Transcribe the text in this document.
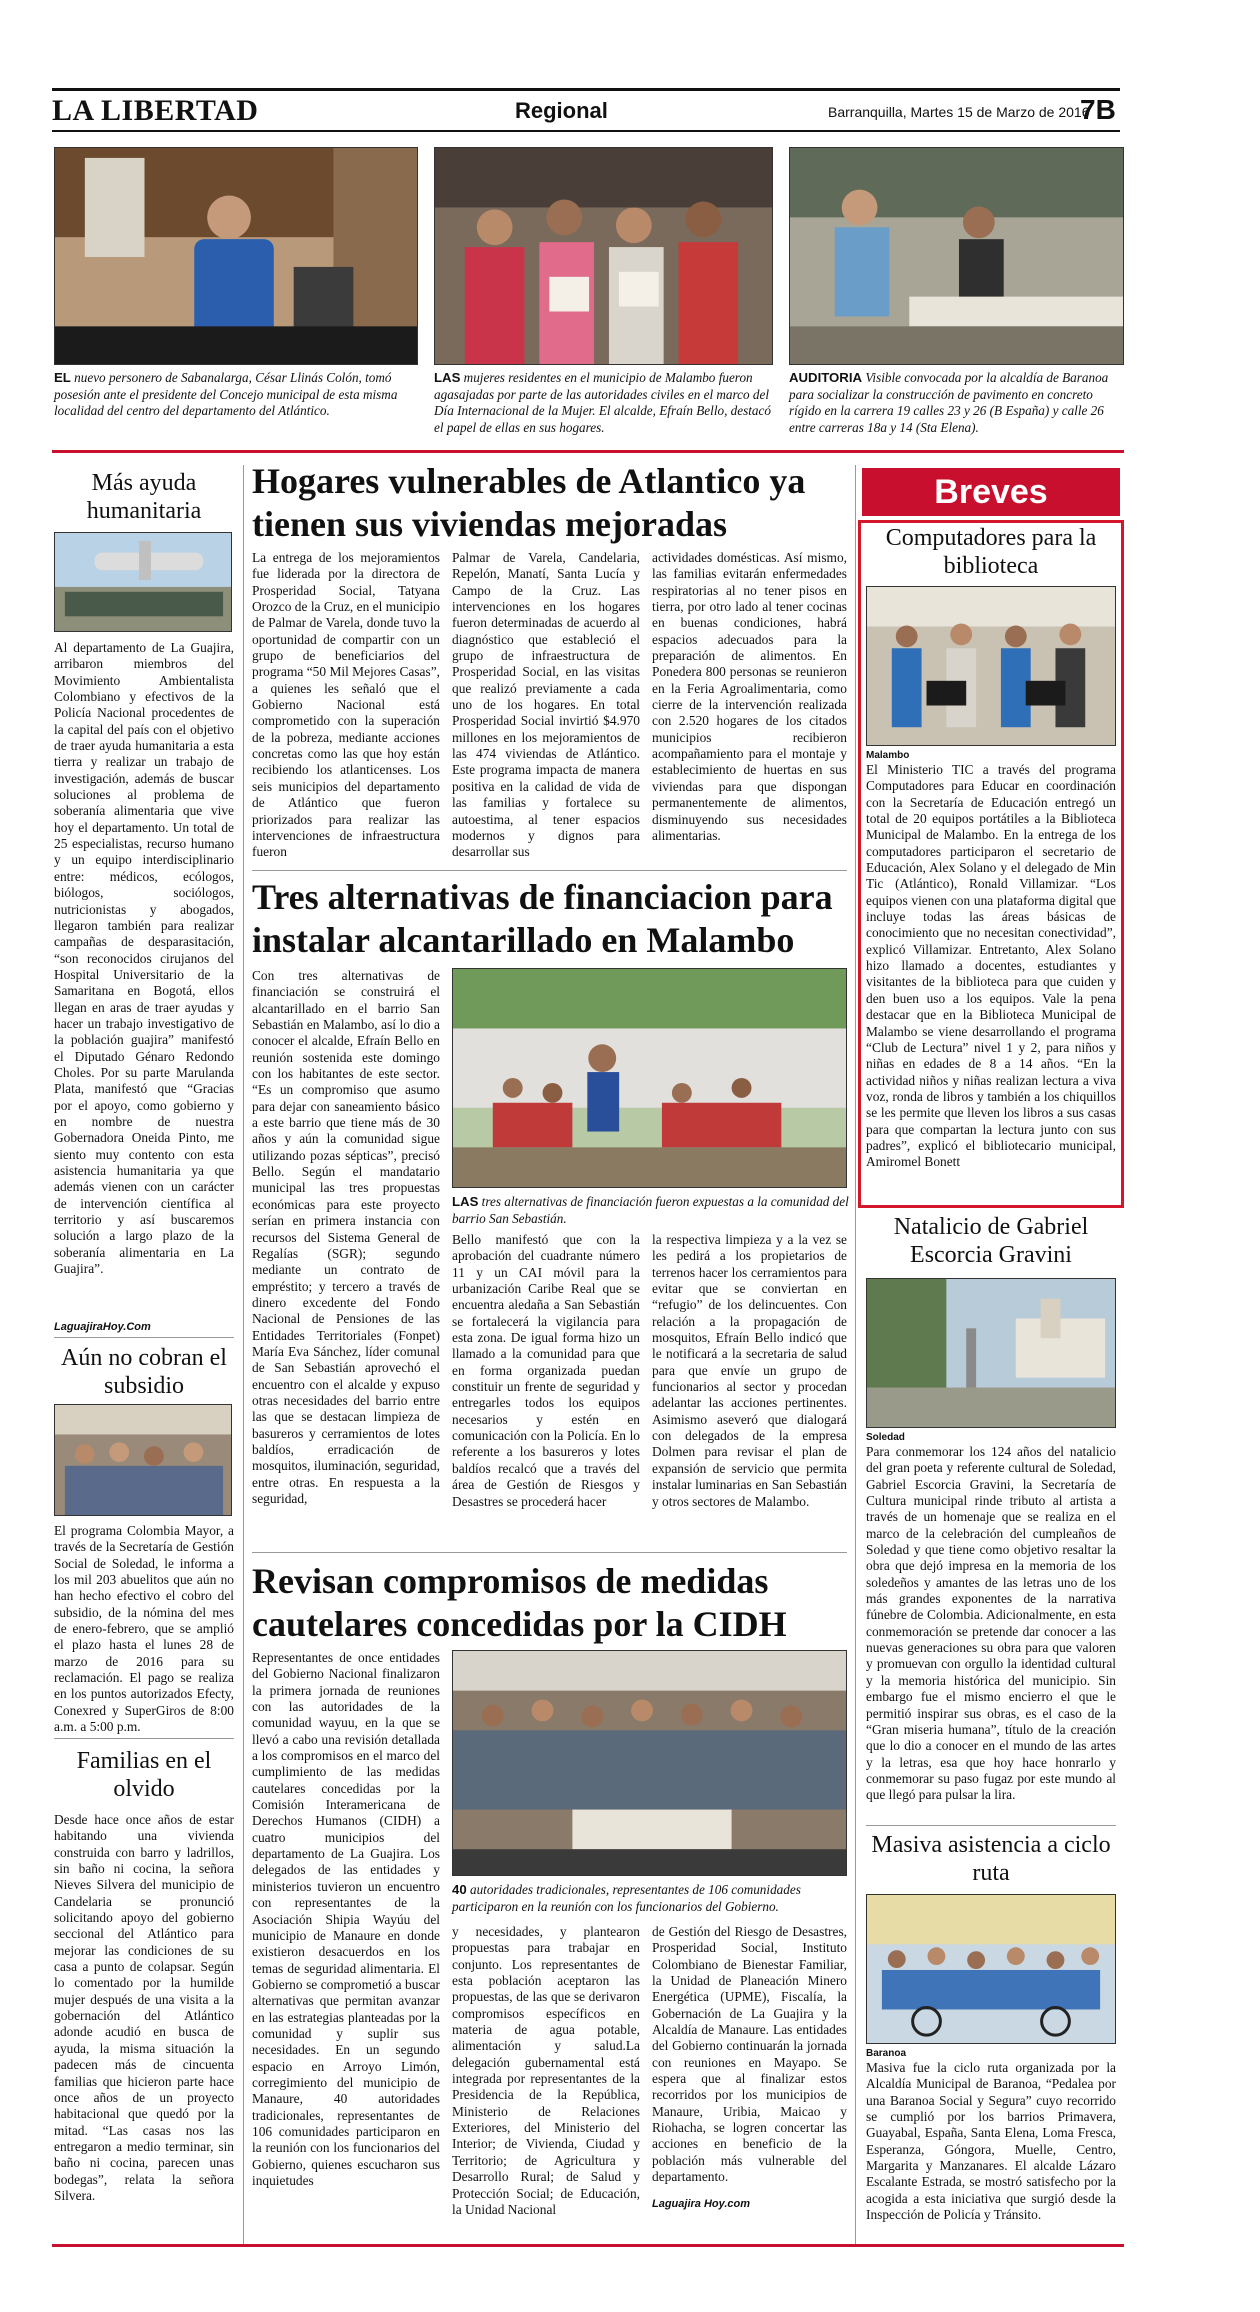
LA LIBERTAD	Regional	Barranquilla, Martes 15 de Marzo de 2016
7B
EL nuevo personero de Sabanalarga, César Llinás Colón, tomó posesión ante el presidente del Concejo municipal de esta misma localidad del centro del departamento del Atlántico.
LAS mujeres residentes en el municipio de Malambo fueron agasajadas por parte de las autoridades civiles en el marco del Día Internacional de la Mujer. El alcalde, Efraín Bello, destacó el papel de ellas en sus hogares.
AUDITORIA Visible convocada por la alcaldía de Baranoa para socializar la construcción de pavimento en concreto rígido en la carrera 19 calles 23 y 26 (B España) y calle 26 entre carreras 18a y 14 (Sta Elena).
Más ayuda humanitaria
Al departamento de La Guajira, arribaron miembros del Movimiento Ambientalista Colombiano y efectivos de la Policía Nacional procedentes de la capital del país con el objetivo de traer ayuda humanitaria a esta tierra y realizar un trabajo de investigación, además de buscar soluciones al problema de soberanía alimentaria que vive hoy el departamento. Un total de 25 especialistas, recurso humano y un equipo interdisciplinario entre: médicos, ecólogos, biólogos, sociólogos, nutricionistas y abogados, llegaron también para realizar campañas de desparasitación, “son reconocidos cirujanos del Hospital Universitario de la Samaritana en Bogotá, ellos llegan en aras de traer ayudas y hacer un trabajo investigativo de la población guajira” manifestó el Diputado Génaro Redondo Choles. Por su parte Marulanda Plata, manifestó que “Gracias por el apoyo, como gobierno y en nombre de nuestra Gobernadora Oneida Pinto, me siento muy contento con esta asistencia humanitaria ya que además vienen con un carácter de intervención científica al territorio y así buscaremos solución a largo plazo de la soberanía alimentaria en La Guajira”.
LaguajiraHoy.Com
Aún no cobran el subsidio
El programa Colombia Mayor, a través de la Secretaría de Gestión Social de Soledad, le informa a los mil 203 abuelitos que aún no han hecho efectivo el cobro del subsidio, de la nómina del mes de enero-febrero, que se amplió el plazo hasta el lunes 28 de marzo de 2016 para su reclamación. El pago se realiza en los puntos autorizados Efecty, Conexred y SuperGiros de 8:00 a.m. a 5:00 p.m.
Familias en el olvido
Desde hace once años de estar habitando una vivienda construida con barro y ladrillos, sin baño ni cocina, la señora Nieves Silvera del municipio de Candelaria se pronunció solicitando apoyo del gobierno seccional del Atlántico para mejorar las condiciones de su casa a punto de colapsar. Según lo comentado por la humilde mujer después de una visita a la gobernación del Atlántico adonde acudió en busca de ayuda, la misma situación la padecen más de cincuenta familias que hicieron parte hace once años de un proyecto habitacional que quedó por la mitad. “Las casas nos las entregaron a medio terminar, sin baño ni cocina, parecen unas bodegas”, relata la señora Silvera.
Hogares vulnerables de Atlantico ya tienen sus viviendas mejoradas
La entrega de los mejoramientos fue liderada por la directora de Prosperidad Social, Tatyana Orozco de la Cruz, en el municipio de Palmar de Varela, donde tuvo la oportunidad de compartir con un grupo de beneficiarios del programa “50 Mil Mejores Casas”, a quienes les señaló que el Gobierno Nacional está comprometido con la superación de la pobreza, mediante acciones concretas como las que hoy están recibiendo los atlanticenses. Los seis municipios del departamento de Atlántico que fueron priorizados para realizar las intervenciones de infraestructura fueron
Palmar de Varela, Candelaria, Repelón, Manatí, Santa Lucía y Campo de la Cruz. Las intervenciones en los hogares fueron determinadas de acuerdo al diagnóstico que estableció el grupo de infraestructura de Prosperidad Social, en las visitas que realizó previamente a cada uno de los hogares. En total Prosperidad Social invirtió $4.970 millones en los mejoramientos de las 474 viviendas de Atlántico. Este programa impacta de manera positiva en la calidad de vida de las familias y fortalece su autoestima, al tener espacios modernos y dignos para desarrollar sus
actividades domésticas. Así mismo, las familias evitarán enfermedades respiratorias al no tener pisos en tierra, por otro lado al tener cocinas en buenas condiciones, habrá espacios adecuados para la preparación de alimentos. En Ponedera 800 personas se reunieron en la Feria Agroalimentaria, como cierre de la intervención realizada con 2.520 hogares de los citados municipios recibieron acompañamiento para el montaje y establecimiento de huertas en sus viviendas para que dispongan permanentemente de alimentos, disminuyendo sus necesidades alimentarias.
Tres alternativas de financiacion para instalar alcantarillado en Malambo
Con tres alternativas de financiación se construirá el alcantarillado en el barrio San Sebastián en Malambo, así lo dio a conocer el alcalde, Efraín Bello en reunión sostenida este domingo con los habitantes de este sector. “Es un compromiso que asumo para dejar con saneamiento básico a este barrio que tiene más de 30 años y aún la comunidad sigue utilizando pozas sépticas”, precisó Bello. Según el mandatario municipal las tres propuestas económicas para este proyecto serían en primera instancia con recursos del Sistema General de Regalías (SGR); segundo mediante un contrato de empréstito; y tercero a través de dinero excedente del Fondo Nacional de Pensiones de las Entidades Territoriales (Fonpet) María Eva Sánchez, líder comunal de San Sebastián aprovechó el encuentro con el alcalde y expuso otras necesidades del barrio entre las que se destacan limpieza de basureros y cerramientos de lotes baldíos, erradicación de mosquitos, iluminación, seguridad, entre otras. En respuesta a la seguridad,
LAS tres alternativas de financiación fueron expuestas a la comunidad del barrio San Sebastián.
Bello manifestó que con la aprobación del cuadrante número 11 y un CAI móvil para la urbanización Caribe Real que se encuentra aledaña a San Sebastián se fortalecerá la vigilancia para esta zona. De igual forma hizo un llamado a la comunidad para que en forma organizada puedan constituir un frente de seguridad y entregarles todos los equipos necesarios y estén en comunicación con la Policía. En lo referente a los basureros y lotes baldíos recalcó que a través del área de Gestión de Riesgos y Desastres se procederá hacer
la respectiva limpieza y a la vez se les pedirá a los propietarios de terrenos hacer los cerramientos para evitar que se conviertan en “refugio” de los delincuentes. Con relación a la propagación de mosquitos, Efraín Bello indicó que le notificará a la secretaria de salud para que envíe un grupo de funcionarios al sector y procedan adelantar las acciones pertinentes. Asimismo aseveró que dialogará con delegados de la empresa Dolmen para revisar el plan de expansión de servicio que permita instalar luminarias en San Sebastián y otros sectores de Malambo.
Revisan compromisos de medidas cautelares concedidas por la CIDH
Representantes de once entidades del Gobierno Nacional finalizaron la primera jornada de reuniones con las autoridades de la comunidad wayuu, en la que se llevó a cabo una revisión detallada a los compromisos en el marco del cumplimiento de las medidas cautelares concedidas por la Comisión Interamericana de Derechos Humanos (CIDH) a cuatro municipios del departamento de La Guajira. Los delegados de las entidades y ministerios tuvieron un encuentro con representantes de la Asociación Shipia Wayúu del municipio de Manaure en donde existieron desacuerdos en los temas de seguridad alimentaria. El Gobierno se comprometió a buscar alternativas que permitan avanzar en las estrategias planteadas por la comunidad y suplir sus necesidades. En un segundo espacio en Arroyo Limón, corregimiento del municipio de Manaure, 40 autoridades tradicionales, representantes de 106 comunidades participaron en la reunión con los funcionarios del Gobierno, quienes escucharon sus inquietudes
40 autoridades tradicionales, representantes de 106 comunidades participaron en la reunión con los funcionarios del Gobierno.
y necesidades, y plantearon propuestas para trabajar en conjunto. Los representantes de esta población aceptaron las propuestas, de las que se derivaron compromisos específicos en materia de agua potable, alimentación y salud.La delegación gubernamental está integrada por representantes de la Presidencia de la República, Ministerio de Relaciones Exteriores, del Ministerio del Interior; de Vivienda, Ciudad y Territorio; de Agricultura y Desarrollo Rural; de Salud y Protección Social; de Educación, la Unidad Nacional
de Gestión del Riesgo de Desastres, Prosperidad Social, Instituto Colombiano de Bienestar Familiar, la Unidad de Planeación Minero Energética (UPME), Fiscalía, la Gobernación de La Guajira y la Alcaldía de Manaure. Las entidades del Gobierno continuarán la jornada con reuniones en Mayapo. Se espera que al finalizar estos recorridos por los municipios de Manaure, Uribia, Maicao y Riohacha, se logren concertar las acciones en beneficio de la población más vulnerable del departamento.
Laguajira Hoy.com
Breves
Computadores para la biblioteca
Malambo
El Ministerio TIC a través del programa Computadores para Educar en coordinación con la Secretaría de Educación entregó un total de 20 equipos portátiles a la Biblioteca Municipal de Malambo. En la entrega de los computadores participaron el secretario de Educación, Alex Solano y el delegado de Min Tic (Atlántico), Ronald Villamizar. “Los equipos vienen con una plataforma digital que incluye todas las áreas básicas de conocimiento que no necesitan conectividad”, explicó Villamizar. Entretanto, Alex Solano hizo llamado a docentes, estudiantes y visitantes de la biblioteca para que cuiden y den buen uso a los equipos. Vale la pena destacar que en la Biblioteca Municipal de Malambo se viene desarrollando el programa “Club de Lectura” nivel 1 y 2, para niños y niñas en edades de 8 a 14 años. “En la actividad niños y niñas realizan lectura a viva voz, ronda de libros y también a los chiquillos se les permite que lleven los libros a sus casas para que compartan la lectura junto con sus padres”, explicó el bibliotecario municipal, Amiromel Bonett
Natalicio de Gabriel Escorcia Gravini
Soledad
Para conmemorar los 124 años del natalicio del gran poeta y referente cultural de Soledad, Gabriel Escorcia Gravini, la Secretaría de Cultura municipal rinde tributo al artista a través de un homenaje que se realiza en el marco de la celebración del cumpleaños de Soledad y que tiene como objetivo resaltar la obra que dejó impresa en la memoria de los soledeños y amantes de las letras uno de los más grandes exponentes de la narrativa fúnebre de Colombia. Adicionalmente, en esta conmemoración se pretende dar conocer a las nuevas generaciones su obra para que valoren y promuevan con orgullo la identidad cultural y la memoria histórica del municipio. Sin embargo fue el mismo encierro el que le permitió inspirar sus obras, es el caso de la “Gran miseria humana”, título de la creación que lo dio a conocer en el mundo de las artes y la letras, esa que hoy hace honrarlo y conmemorar su paso fugaz por este mundo al que llegó para pulsar la lira.
Masiva asistencia a ciclo ruta
Baranoa
Masiva fue la ciclo ruta organizada por la Alcaldía Municipal de Baranoa, “Pedalea por una Baranoa Social y Segura” cuyo recorrido se cumplió por los barrios Primavera, Guayabal, España, Santa Elena, Loma Fresca, Esperanza, Góngora, Muelle, Centro, Margarita y Manzanares. El alcalde Lázaro Escalante Estrada, se mostró satisfecho por la acogida a esta iniciativa que surgió desde la Inspección de Policía y Tránsito.
